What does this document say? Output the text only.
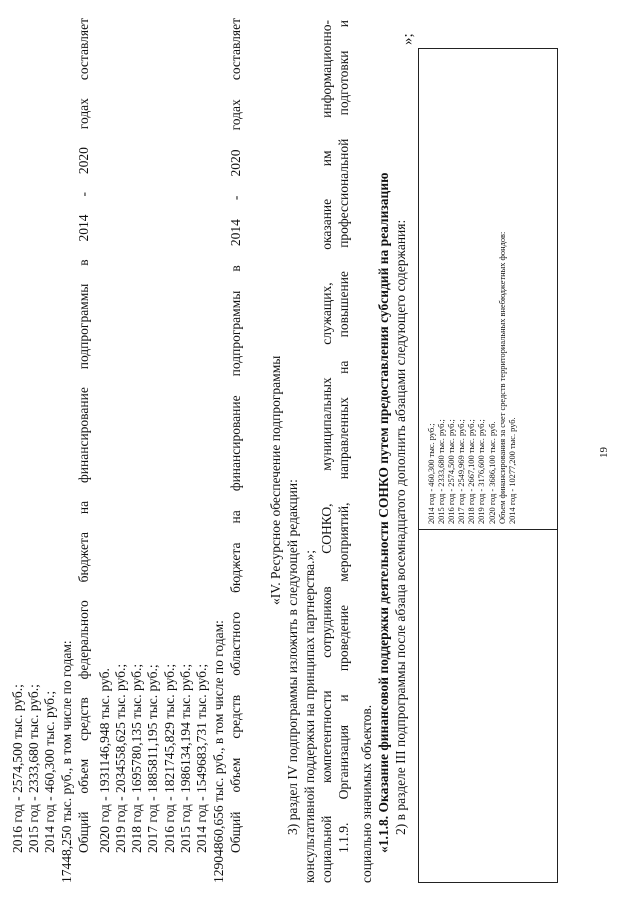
19
2014 год - 460,300 тыс. руб.; 2015 год - 2333,680 тыс. руб.; 2016 год - 2574,500 тыс. руб.; 2017 год - 2549,969 тыс. руб.; 2018 год - 2667,100 тыс. руб.; 2019 год - 3176,600 тыс. руб.; 2020 год - 3686,100 тыс. руб. Объем финансирования за счет средств территориальных внебюджетных фондов: 2014 год - 10277,200 тыс. руб.
»;
2) в разделе III подпрограммы после абзаца восемнадцатого дополнить абзацами следующего содержания:
«1.1.8. Оказание финансовой поддержки деятельности СОНКО путем предоставления субсидий на реализацию
социально значимых объектов.
1.1.9. Организация и проведение мероприятий, направленных на повышение профессиональной подготовки и
социальной компетентности сотрудников СОНКО, муниципальных служащих, оказание им информационно-
консультативной поддержки на принципах партнерства.»;
3) раздел IV подпрограммы изложить в следующей редакции:
«IV. Ресурсное обеспечение подпрограммы
Общий объем средств областного бюджета на финансирование подпрограммы в 2014 - 2020 годах составляет
12904860,656 тыс. руб., в том числе по годам:
2014 год - 1549683,731 тыс. руб.;
2015 год - 1986134,194 тыс. руб.;
2016 год - 1821745,829 тыс. руб.;
2017 год - 1885811,195 тыс. руб.;
2018 год - 1695780,135 тыс. руб.;
2019 год - 2034558,625 тыс. руб.;
2020 год - 1931146,948 тыс. руб.
Общий объем средств федерального бюджета на финансирование подпрограммы в 2014 - 2020 годах составляет
17448,250 тыс. руб., в том числе по годам:
2014 год - 460,300 тыс. руб.;
2015 год - 2333,680 тыс. руб.;
2016 год - 2574,500 тыс. руб.;
